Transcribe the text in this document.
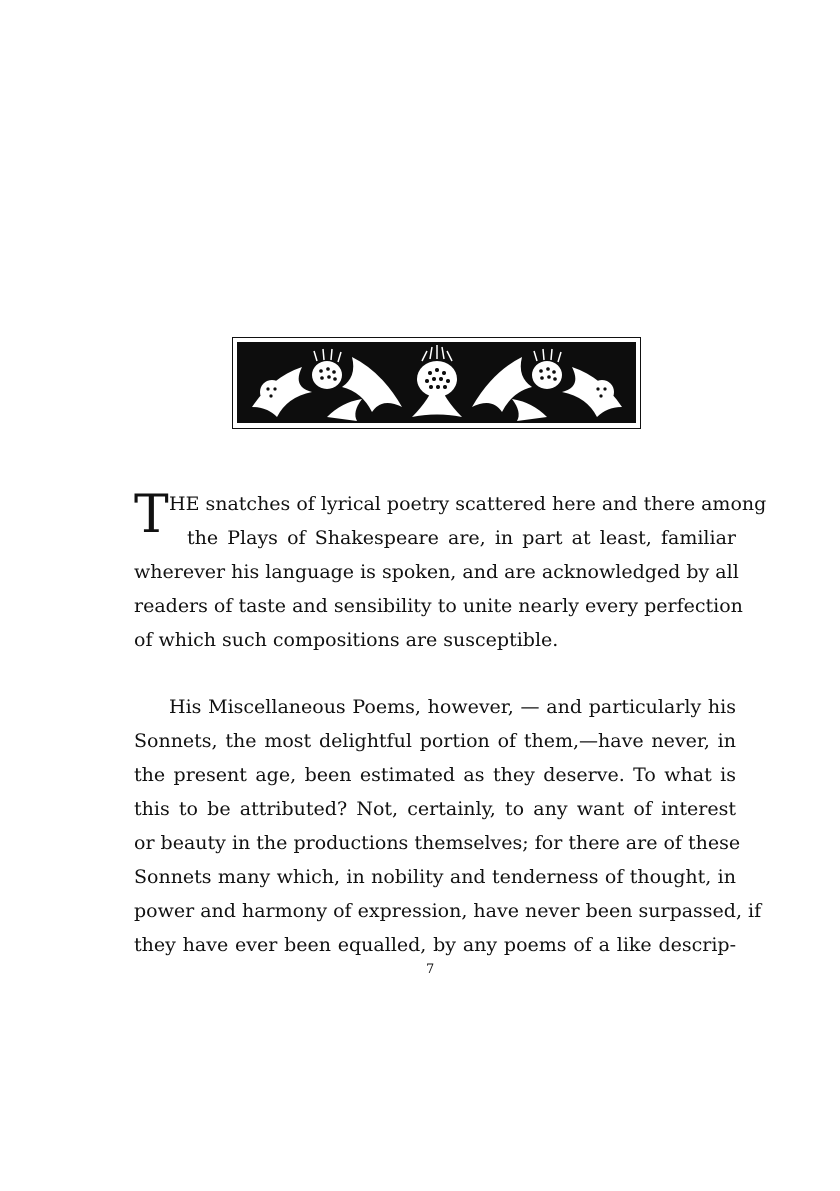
T HE snatches of lyrical poetry scattered here and there among
the Plays of Shakespeare are, in part at least, familiar
wherever his language is spoken, and are acknowledged by all
readers of taste and sensibility to unite nearly every perfection
of which such compositions are susceptible.
His Miscellaneous Poems, however, — and particularly his
Sonnets, the most delightful portion of them,—have never, in
the present age, been estimated as they deserve. To what is
this to be attributed? Not, certainly, to any want of interest
or beauty in the productions themselves; for there are of these
Sonnets many which, in nobility and tenderness of thought, in
power and harmony of expression, have never been surpassed, if
they have ever been equalled, by any poems of a like descrip-
7
